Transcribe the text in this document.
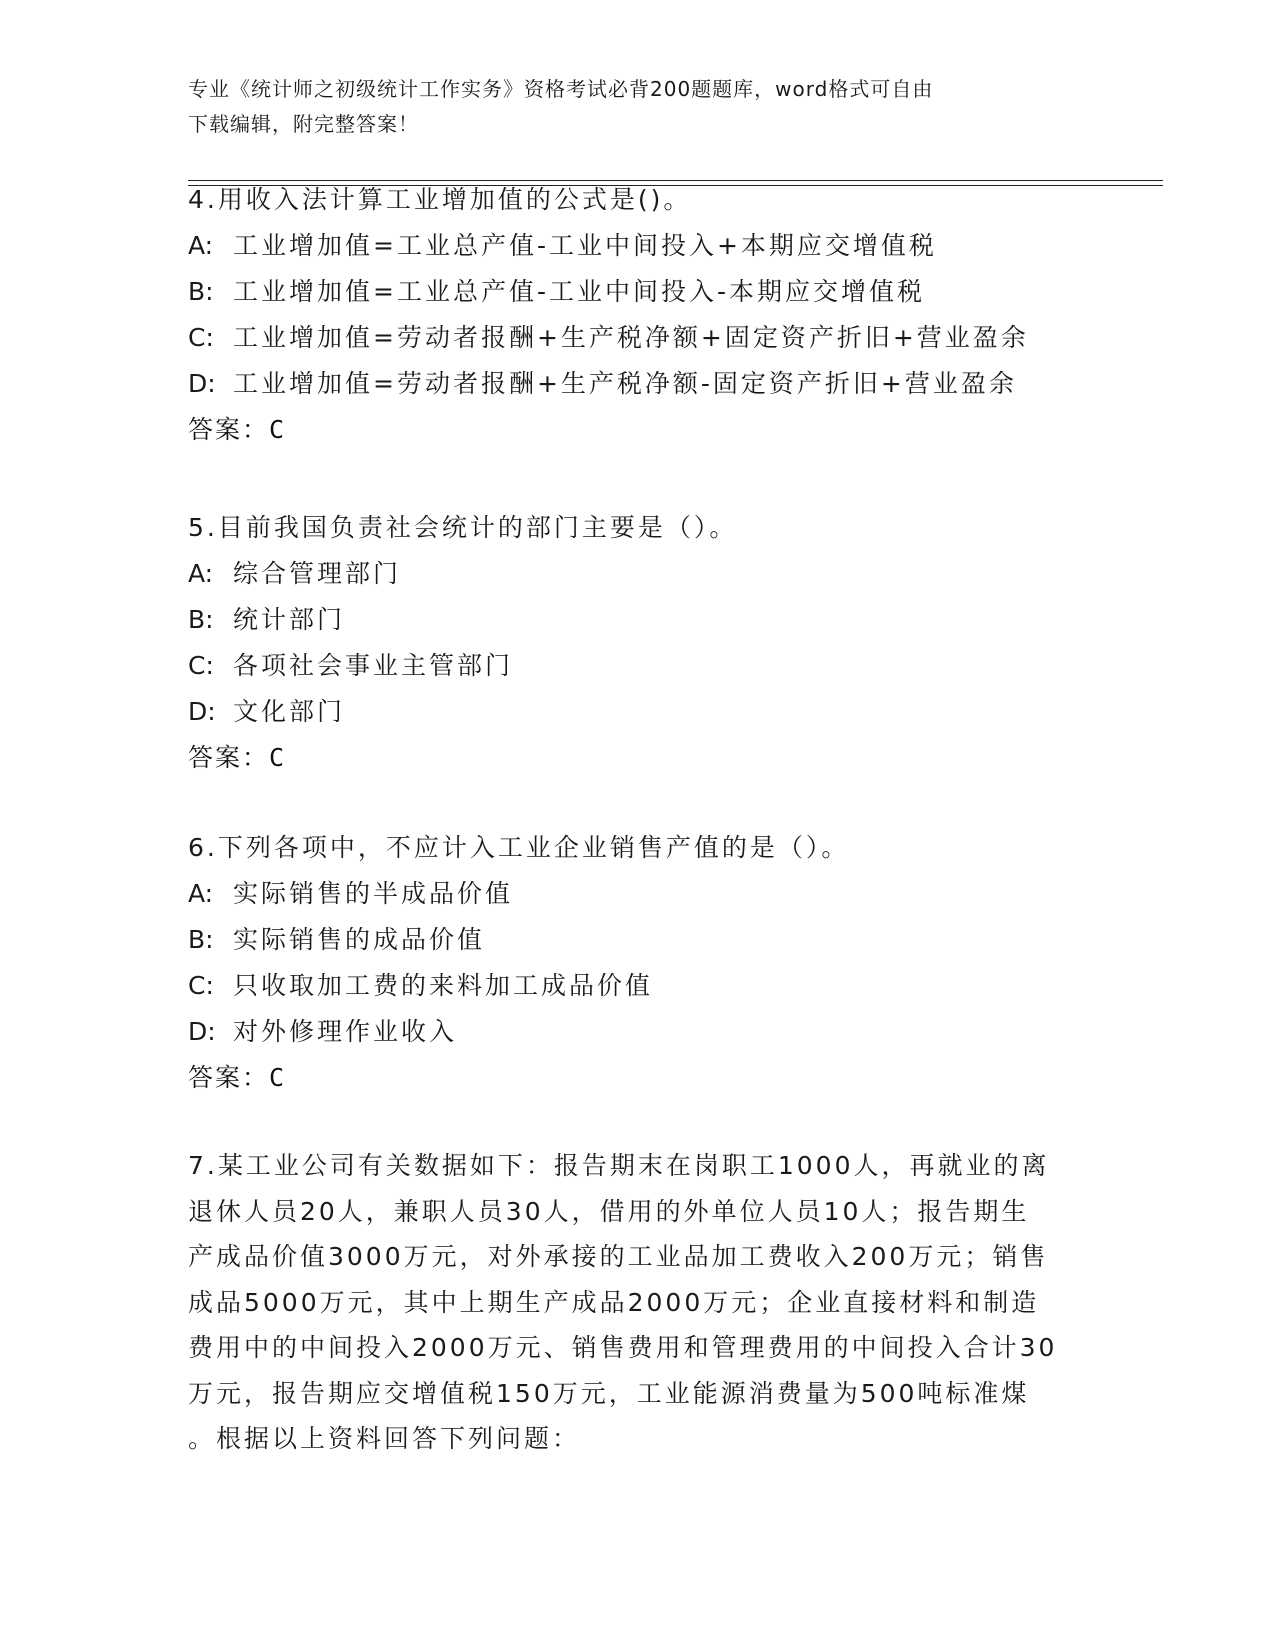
专业《统计师之初级统计工作实务》资格考试必背200题题库，word格式可自由
下载编辑，附完整答案！
4.用收入法计算工业增加值的公式是()。
A: 工业增加值=工业总产值-工业中间投入+本期应交增值税
B: 工业增加值=工业总产值-工业中间投入-本期应交增值税
C: 工业增加值=劳动者报酬+生产税净额+固定资产折旧+营业盈余
D: 工业增加值=劳动者报酬+生产税净额-固定资产折旧+营业盈余
答案：C
5.目前我国负责社会统计的部门主要是（）。
A: 综合管理部门
B: 统计部门
C: 各项社会事业主管部门
D: 文化部门
答案：C
6.下列各项中，不应计入工业企业销售产值的是（）。
A: 实际销售的半成品价值
B: 实际销售的成品价值
C: 只收取加工费的来料加工成品价值
D: 对外修理作业收入
答案：C
7.某工业公司有关数据如下：报告期末在岗职工1000人，再就业的离
退休人员20人，兼职人员30人，借用的外单位人员10人；报告期生
产成品价值3000万元，对外承接的工业品加工费收入200万元；销售
成品5000万元，其中上期生产成品2000万元；企业直接材料和制造
费用中的中间投入2000万元、销售费用和管理费用的中间投入合计30
万元，报告期应交增值税150万元，工业能源消费量为500吨标准煤
。根据以上资料回答下列问题：
